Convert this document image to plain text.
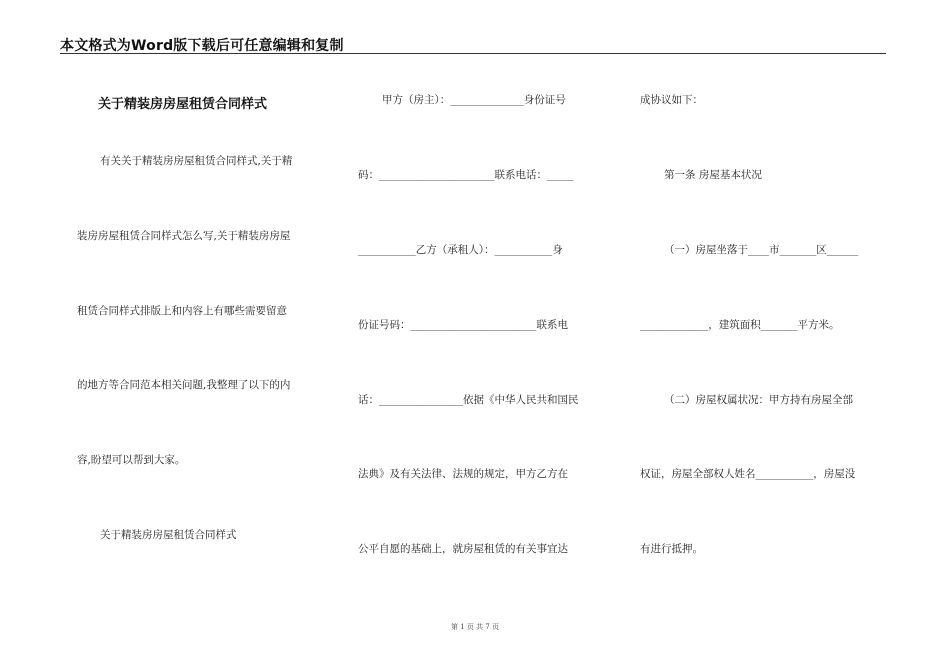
本文格式为Word版下载后可任意编辑和复制
关于精装房房屋租赁合同样式
有关关于精装房房屋租赁合同样式,关于精
装房房屋租赁合同样式怎么写,关于精装房房屋
租赁合同样式排版上和内容上有哪些需要留意
的地方等合同范本相关问题,我整理了以下的内
容,盼望可以帮到大家。
关于精装房房屋租赁合同样式
甲方（房主）：______________身份证号
码：______________________联系电话：_____
___________乙方（承租人）：___________身
份证号码：________________________联系电
话：________________依据《中华人民共和国民
法典》及有关法律、法规的规定，甲方乙方在
公平自愿的基础上，就房屋租赁的有关事宜达
成协议如下：
第一条 房屋基本状况
（一）房屋坐落于____市_______区______
_____________，建筑面积_______平方米。
（二）房屋权属状况：甲方持有房屋全部
权证，房屋全部权人姓名___________，房屋没
有进行抵押。
第 1 页 共 7 页
